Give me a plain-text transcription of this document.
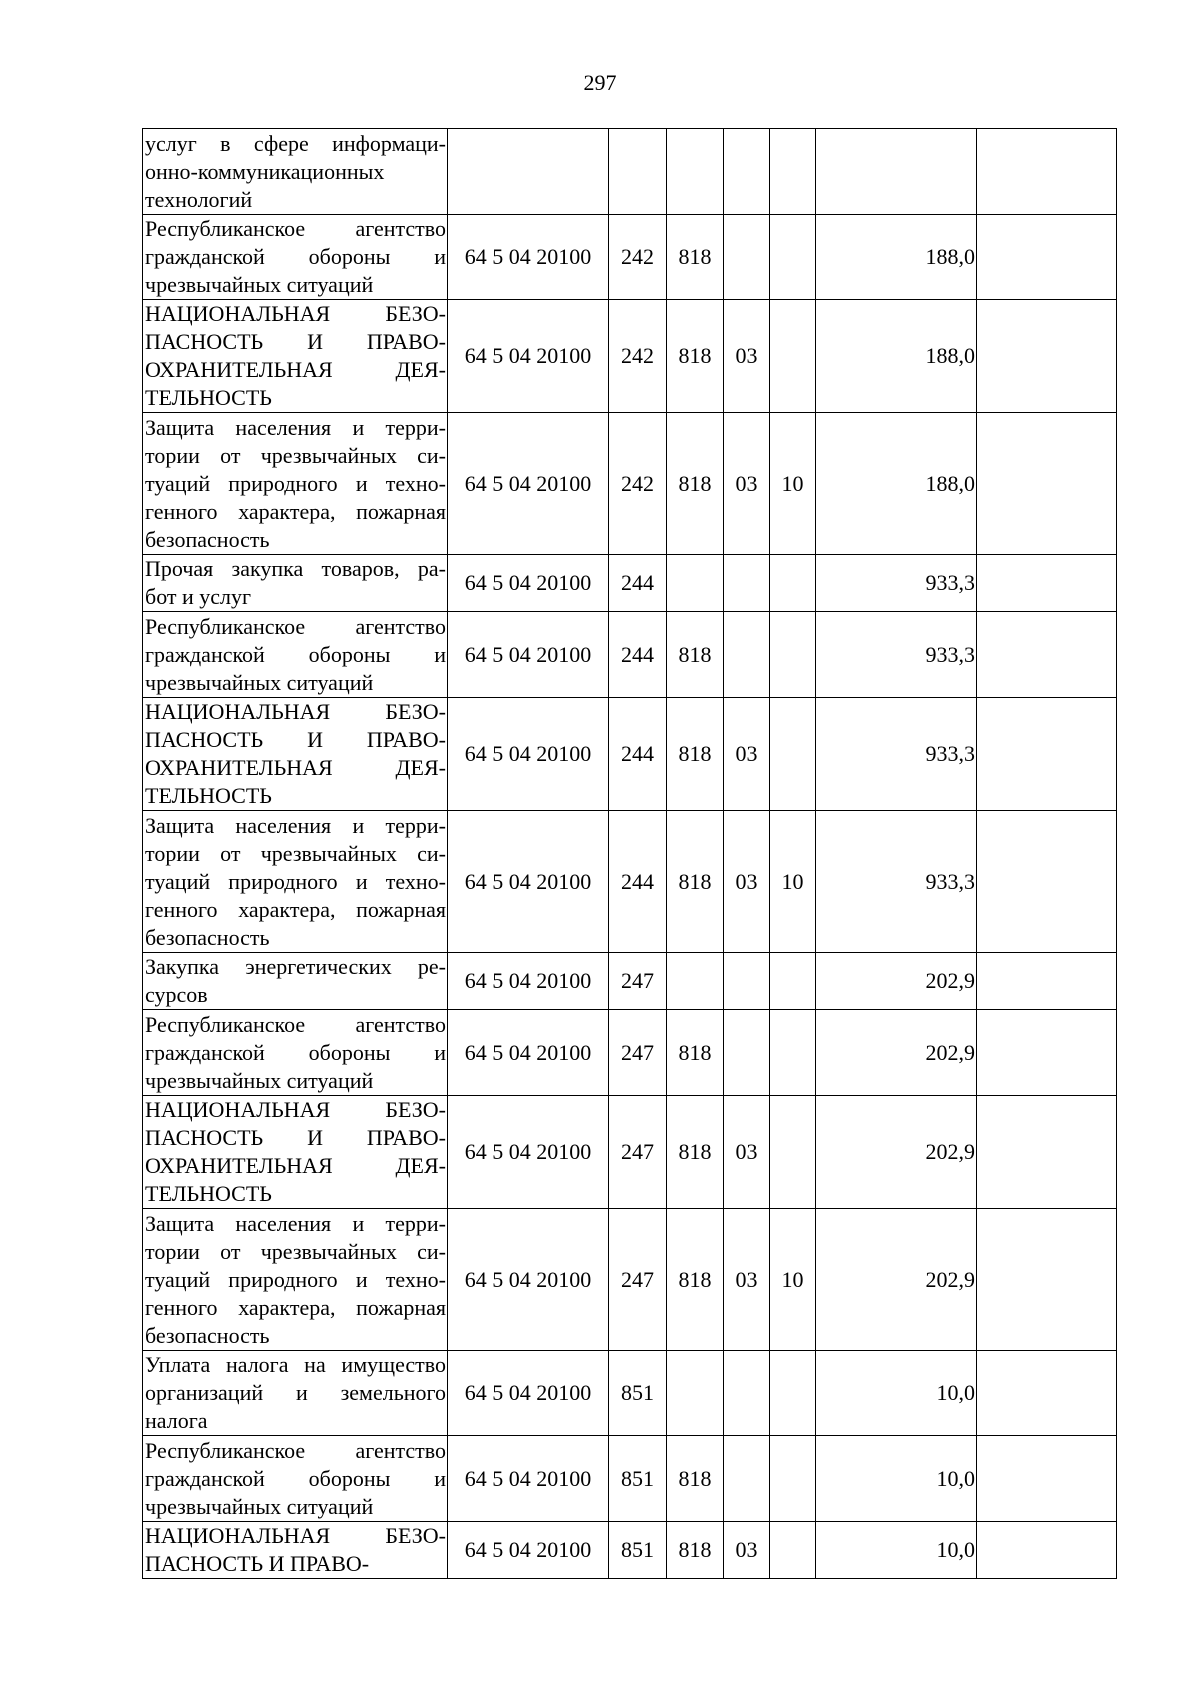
297
услуг в сфере информаци-
онно-коммуникационных
технологий							

Республиканское агентство
гражданской обороны и
чрезвычайных ситуаций	64 5 04 20100	242	818			188,0	

НАЦИОНАЛЬНАЯ БЕЗО-
ПАСНОСТЬ И ПРАВО-
ОХРАНИТЕЛЬНАЯ ДЕЯ-
ТЕЛЬНОСТЬ	64 5 04 20100	242	818	03		188,0	

Защита населения и терри-
тории от чрезвычайных си-
туаций природного и техно-
генного характера, пожарная
безопасность	64 5 04 20100	242	818	03	10	188,0	

Прочая закупка товаров, ра-
бот и услуг	64 5 04 20100	244				933,3	

Республиканское агентство
гражданской обороны и
чрезвычайных ситуаций	64 5 04 20100	244	818			933,3	

НАЦИОНАЛЬНАЯ БЕЗО-
ПАСНОСТЬ И ПРАВО-
ОХРАНИТЕЛЬНАЯ ДЕЯ-
ТЕЛЬНОСТЬ	64 5 04 20100	244	818	03		933,3	

Защита населения и терри-
тории от чрезвычайных си-
туаций природного и техно-
генного характера, пожарная
безопасность	64 5 04 20100	244	818	03	10	933,3	

Закупка энергетических ре-
сурсов	64 5 04 20100	247				202,9	

Республиканское агентство
гражданской обороны и
чрезвычайных ситуаций	64 5 04 20100	247	818			202,9	

НАЦИОНАЛЬНАЯ БЕЗО-
ПАСНОСТЬ И ПРАВО-
ОХРАНИТЕЛЬНАЯ ДЕЯ-
ТЕЛЬНОСТЬ	64 5 04 20100	247	818	03		202,9	

Защита населения и терри-
тории от чрезвычайных си-
туаций природного и техно-
генного характера, пожарная
безопасность	64 5 04 20100	247	818	03	10	202,9	

Уплата налога на имущество
организаций и земельного
налога	64 5 04 20100	851				10,0	

Республиканское агентство
гражданской обороны и
чрезвычайных ситуаций	64 5 04 20100	851	818			10,0	

НАЦИОНАЛЬНАЯ БЕЗО-
ПАСНОСТЬ И ПРАВО-	64 5 04 20100	851	818	03		10,0	
